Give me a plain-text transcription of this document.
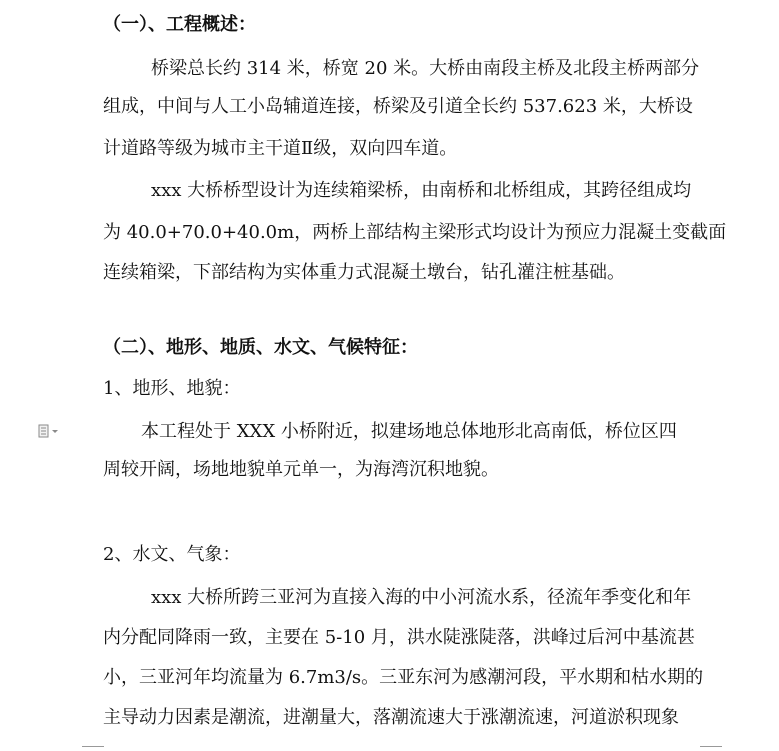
（一）、工程概述：
桥梁总长约 314 米，桥宽 20 米。大桥由南段主桥及北段主桥两部分
组成，中间与人工小岛辅道连接，桥梁及引道全长约 537.623 米，大桥设
计道路等级为城市主干道Ⅱ级，双向四车道。
xxx 大桥桥型设计为连续箱梁桥，由南桥和北桥组成，其跨径组成均
为 40.0+70.0+40.0m，两桥上部结构主梁形式均设计为预应力混凝土变截面
连续箱梁，下部结构为实体重力式混凝土墩台，钻孔灌注桩基础。
（二）、地形、地质、水文、气候特征：
1、地形、地貌：
本工程处于 XXX 小桥附近，拟建场地总体地形北高南低，桥位区四
周较开阔，场地地貌单元单一，为海湾沉积地貌。
2、水文、气象：
xxx 大桥所跨三亚河为直接入海的中小河流水系，径流年季变化和年
内分配同降雨一致，主要在 5-10 月，洪水陡涨陡落，洪峰过后河中基流甚
小，三亚河年均流量为 6.7m3/s。三亚东河为感潮河段，平水期和枯水期的
主导动力因素是潮流，进潮量大，落潮流速大于涨潮流速，河道淤积现象
